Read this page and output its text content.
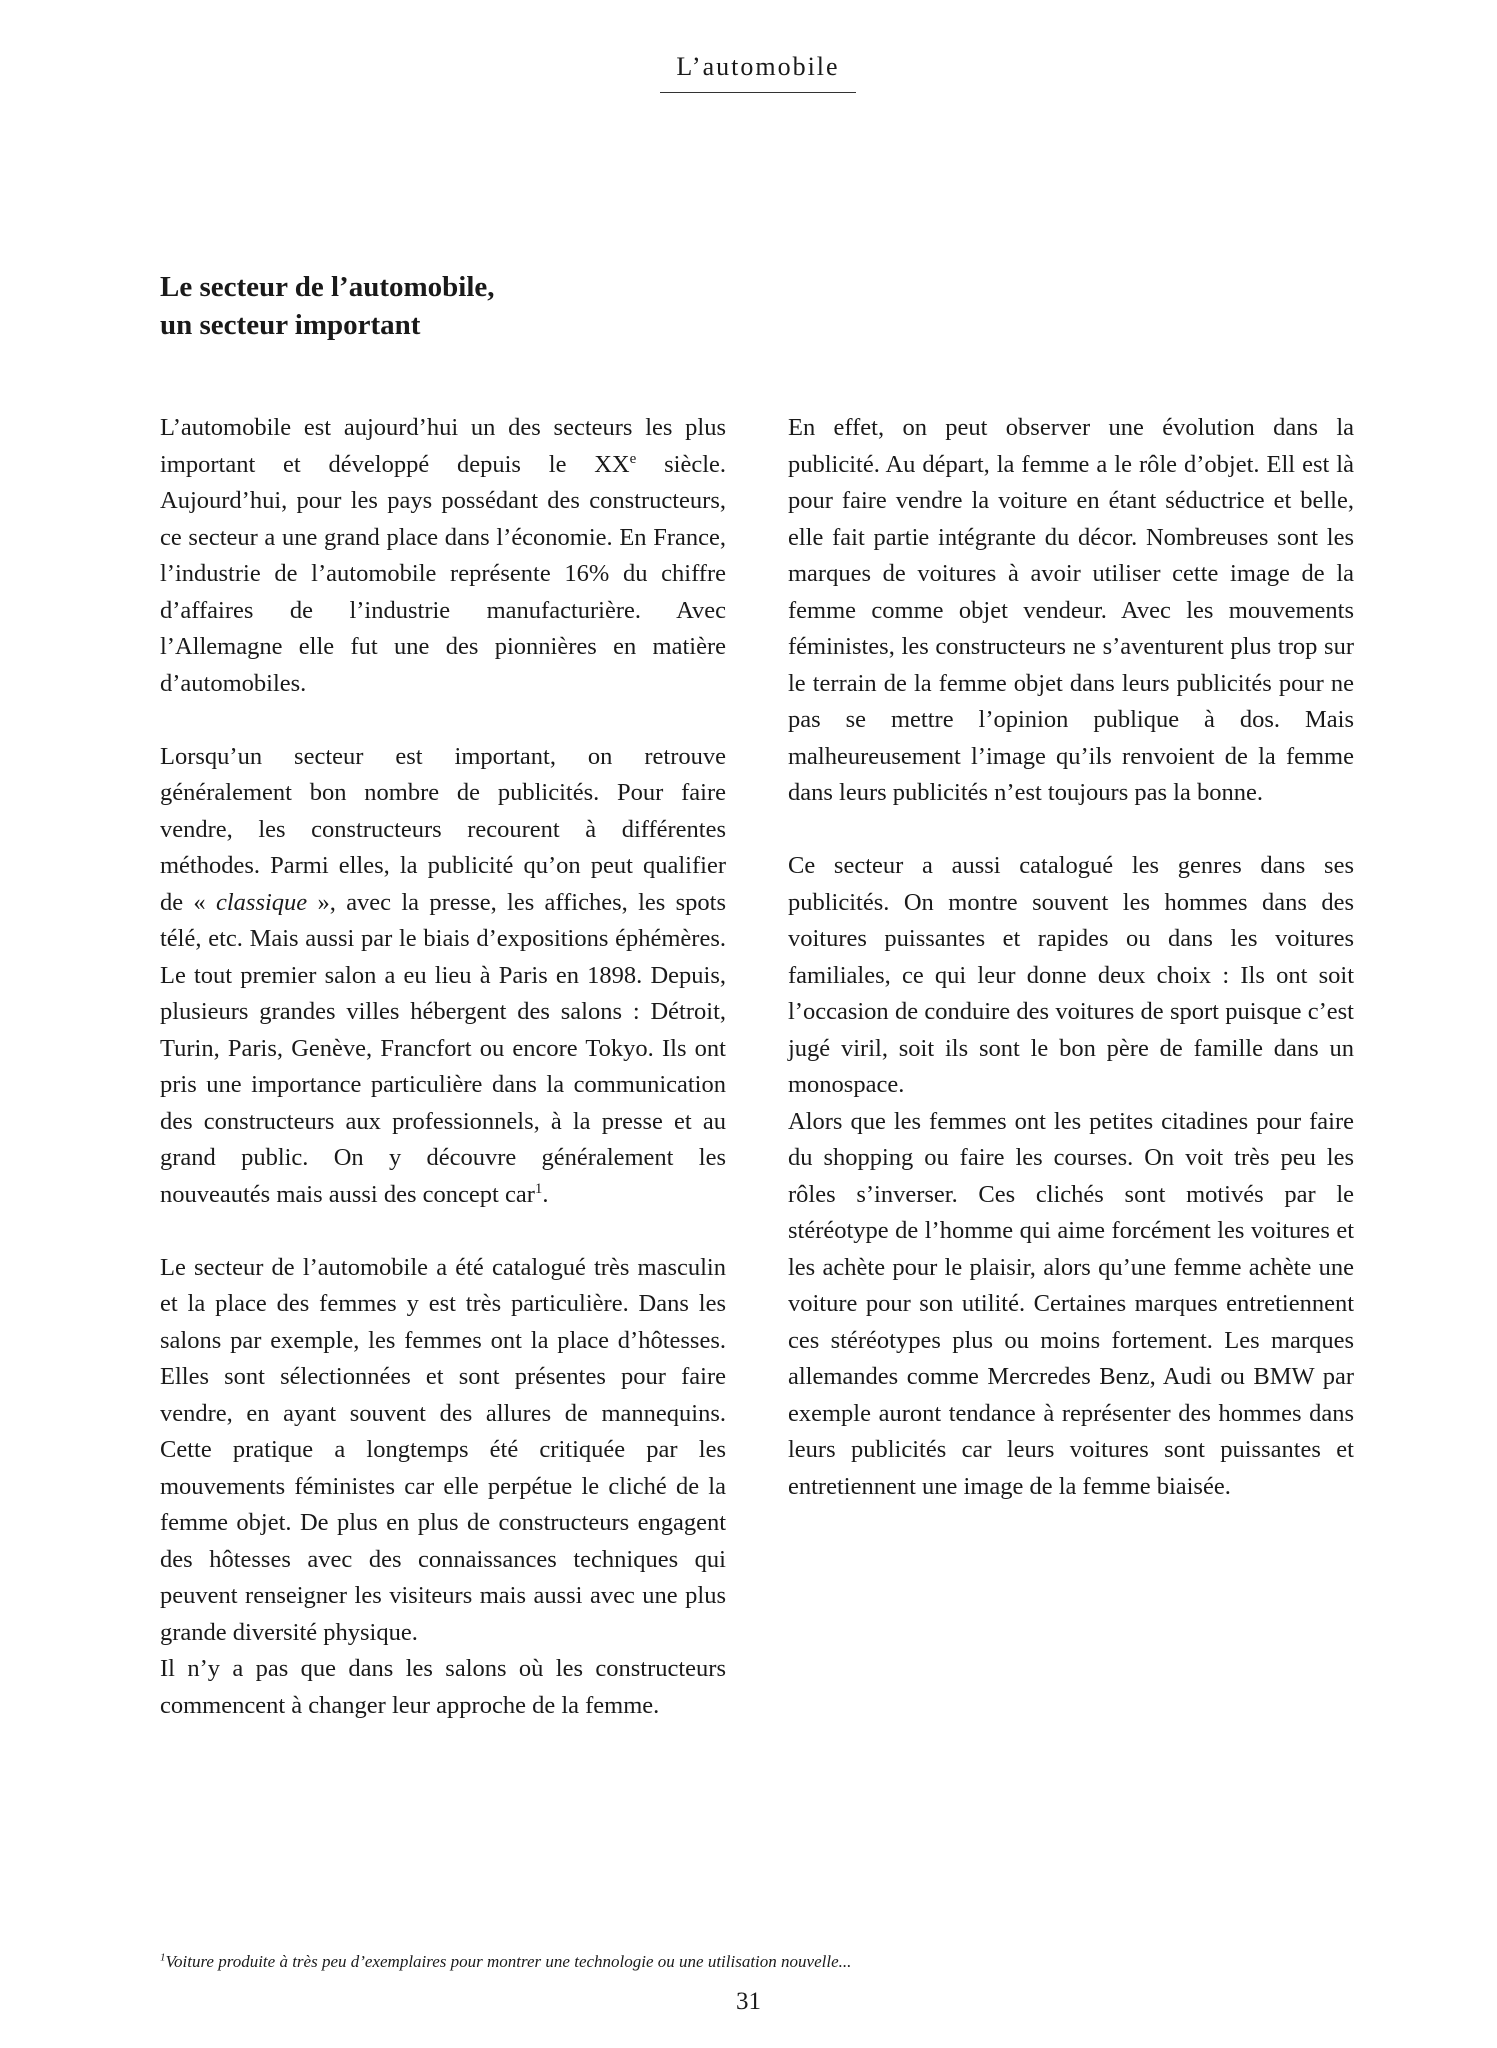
L’automobile
Le secteur de l’automobile,
un secteur important

L’automobile est aujourd’hui un des secteurs les plus important et développé depuis le XXe siècle. Aujourd’hui, pour les pays possédant des constructeurs, ce secteur a une grand place dans l’économie. En France, l’industrie de l’automobile représente 16% du chiffre d’affaires de l’industrie manufacturière. Avec l’Allemagne elle fut une des pionnières en matière d’automobiles.

Lorsqu’un secteur est important, on retrouve généralement bon nombre de publicités. Pour faire vendre, les constructeurs recourent à différentes méthodes. Parmi elles, la publicité qu’on peut qualifier de « classique », avec la presse, les affiches, les spots télé, etc. Mais aussi par le biais d’expositions éphémères. Le tout premier salon a eu lieu à Paris en 1898. Depuis, plusieurs grandes villes hébergent des salons : Détroit, Turin, Paris, Genève, Francfort ou encore Tokyo. Ils ont pris une importance particulière dans la communication des constructeurs aux professionnels, à la presse et au grand public. On y découvre généralement les nouveautés mais aussi des concept car$^1$.

Le secteur de l’automobile a été catalogué très masculin et la place des femmes y est très particulière. Dans les salons par exemple, les femmes ont la place d’hôtesses. Elles sont sélectionnées et sont présentes pour faire vendre, en ayant souvent des allures de mannequins. Cette pratique a longtemps été critiquée par les mouvements féministes car elle perpétue le cliché de la femme objet. De plus en plus de constructeurs engagent des hôtesses avec des connaissances techniques qui peuvent renseigner les visiteurs mais aussi avec une plus grande diversité physique.

Il n’y a pas que dans les salons où les constructeurs commencent à changer leur approche de la femme.

En effet, on peut observer une évolution dans la publicité. Au départ, la femme a le rôle d’objet. Ell est là pour faire vendre la voiture en étant séductrice et belle, elle fait partie intégrante du décor. Nombreuses sont les marques de voitures à avoir utiliser cette image de la femme comme objet vendeur. Avec les mouvements féministes, les constructeurs ne s’aventurent plus trop sur le terrain de la femme objet dans leurs publicités pour ne pas se mettre l’opinion publique à dos. Mais malheureusement l’image qu’ils renvoient de la femme dans leurs publicités n’est toujours pas la bonne.

Ce secteur a aussi catalogué les genres dans ses publicités. On montre souvent les hommes dans des voitures puissantes et rapides ou dans les voitures familiales, ce qui leur donne deux choix : Ils ont soit l’occasion de conduire des voitures de sport puisque c’est jugé viril, soit ils sont le bon père de famille dans un monospace.

Alors que les femmes ont les petites citadines pour faire du shopping ou faire les courses. On voit très peu les rôles s’inverser. Ces clichés sont motivés par le stéréotype de l’homme qui aime forcément les voitures et les achète pour le plaisir, alors qu’une femme achète une voiture pour son utilité. Certaines marques entretiennent ces stéréotypes plus ou moins fortement. Les marques allemandes comme Mercredes Benz, Audi ou BMW par exemple auront tendance à représenter des hommes dans leurs publicités car leurs voitures sont puissantes et entretiennent une image de la femme biaisée.

$^1$Voiture produite à très peu d’exemplaires pour montrer une technologie ou une utilisation nouvelle...
31
